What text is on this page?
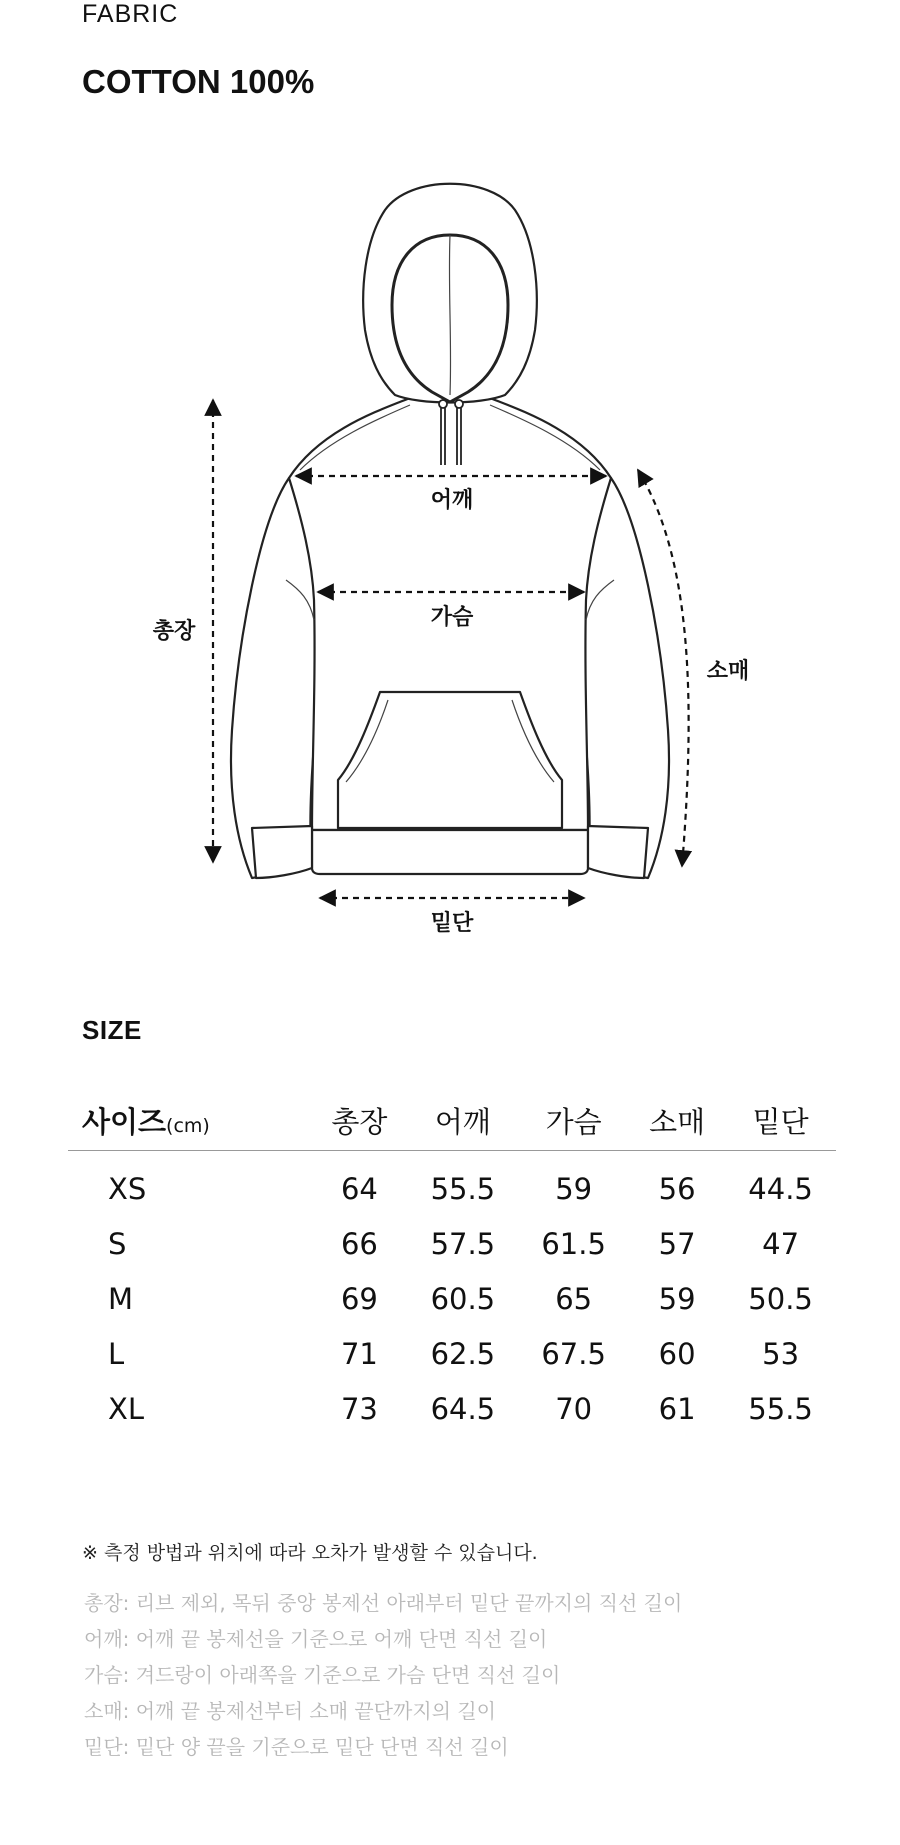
FABRIC
COTTON 100%
총장
어깨
가슴
소매
밑단
SIZE
사이즈(cm)	총장	어깨	가슴	소매	밑단
XS	64	55.5	59	56	44.5
S	66	57.5	61.5	57	47
M	69	60.5	65	59	50.5
L	71	62.5	67.5	60	53
XL	73	64.5	70	61	55.5
※ 측정 방법과 위치에 따라 오차가 발생할 수 있습니다.
총장: 리브 제외, 목뒤 중앙 봉제선 아래부터 밑단 끝까지의 직선 길이
어깨: 어깨 끝 봉제선을 기준으로 어깨 단면 직선 길이
가슴: 겨드랑이 아래쪽을 기준으로 가슴 단면 직선 길이
소매: 어깨 끝 봉제선부터 소매 끝단까지의 길이
밑단: 밑단 양 끝을 기준으로 밑단 단면 직선 길이
